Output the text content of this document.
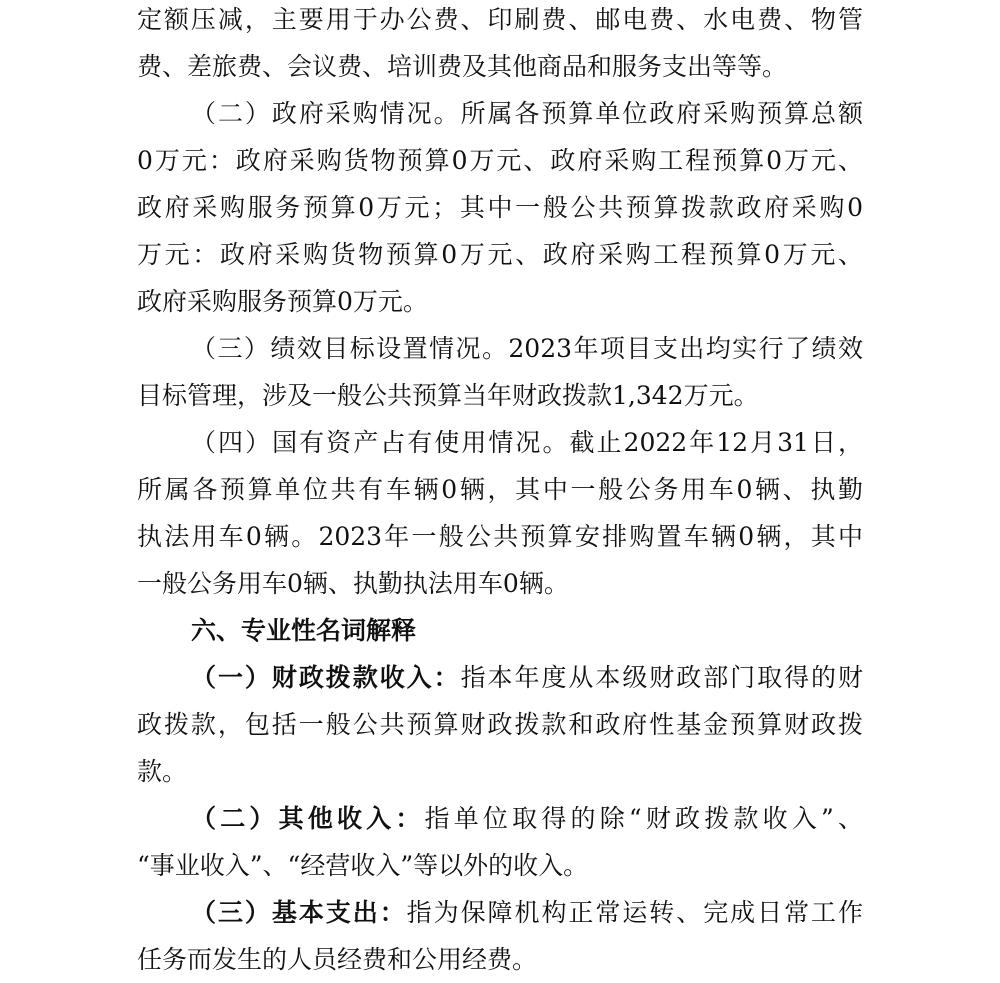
定额压减，主要用于办公费、印刷费、邮电费、水电费、物管
费、差旅费、会议费、培训费及其他商品和服务支出等等。
（二）政府采购情况。所属各预算单位政府采购预算总额
0万元：政府采购货物预算0万元、政府采购工程预算0万元、
政府采购服务预算0万元；其中一般公共预算拨款政府采购0
万元：政府采购货物预算0万元、政府采购工程预算0万元、
政府采购服务预算0万元。
（三）绩效目标设置情况。2023年项目支出均实行了绩效
目标管理，涉及一般公共预算当年财政拨款1,342万元。
（四）国有资产占有使用情况。截止2022年12月31日，
所属各预算单位共有车辆0辆，其中一般公务用车0辆、执勤
执法用车0辆。2023年一般公共预算安排购置车辆0辆，其中
一般公务用车0辆、执勤执法用车0辆。
六、专业性名词解释
（一）财政拨款收入：指本年度从本级财政部门取得的财
政拨款，包括一般公共预算财政拨款和政府性基金预算财政拨
款。
（二）其他收入：指单位取得的除“财政拨款收入”、
“事业收入”、“经营收入”等以外的收入。
（三）基本支出：指为保障机构正常运转、完成日常工作
任务而发生的人员经费和公用经费。
